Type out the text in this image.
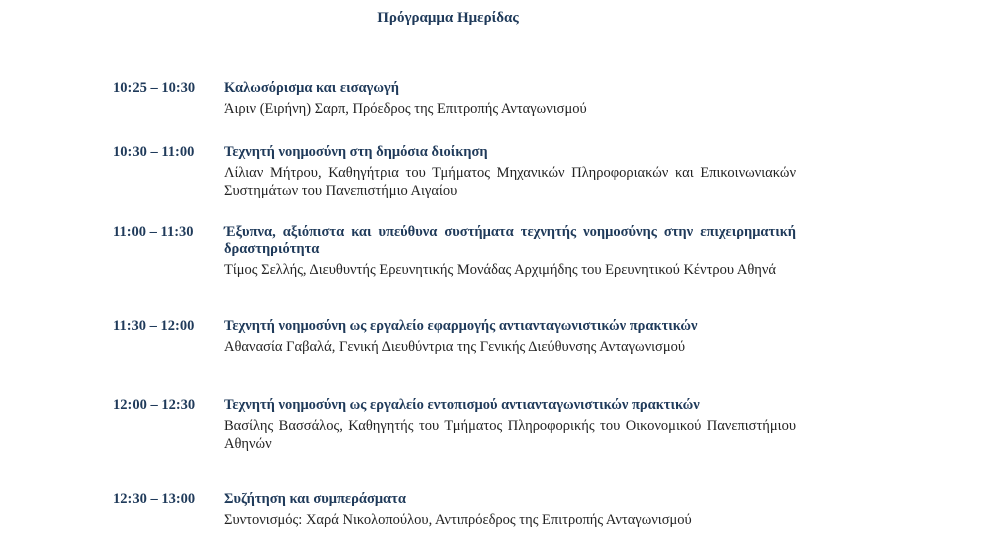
Πρόγραμμα Ημερίδας
10:25 – 10:30	Καλωσόρισμα και εισαγωγή

Άιριν (Ειρήνη) Σαρπ, Πρόεδρος της Επιτροπής Ανταγωνισμού

10:30 – 11:00	Τεχνητή νοημοσύνη στη δημόσια διοίκηση

Λίλιαν Μήτρου, Καθηγήτρια του Τμήματος Μηχανικών Πληροφοριακών και Επικοινωνιακών Συστημάτων του Πανεπιστήμιο Αιγαίου

11:00 – 11:30	Έξυπνα, αξιόπιστα και υπεύθυνα συστήματα τεχνητής νοημοσύνης στην επιχειρηματική δραστηριότητα

Τίμος Σελλής, Διευθυντής Ερευνητικής Μονάδας Αρχιμήδης του Ερευνητικού Κέντρου Αθηνά

11:30 – 12:00	Τεχνητή νοημοσύνη ως εργαλείο εφαρμογής αντιανταγωνιστικών πρακτικών

Αθανασία Γαβαλά, Γενική Διευθύντρια της Γενικής Διεύθυνσης Ανταγωνισμού

12:00 – 12:30	Τεχνητή νοημοσύνη ως εργαλείο εντοπισμού αντιανταγωνιστικών πρακτικών

Βασίλης Βασσάλος, Καθηγητής του Τμήματος Πληροφορικής του Οικονομικού Πανεπιστήμιου Αθηνών

12:30 – 13:00	Συζήτηση και συμπεράσματα

Συντονισμός: Χαρά Νικολοπούλου, Αντιπρόεδρος της Επιτροπής Ανταγωνισμού
